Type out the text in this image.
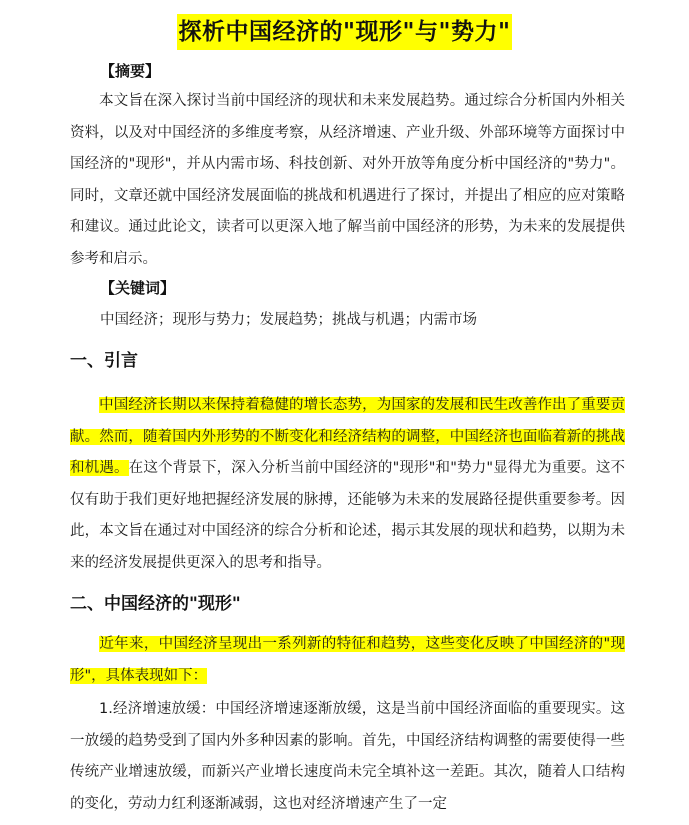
探析中国经济的"现形"与"势力"
【摘要】
本文旨在深入探讨当前中国经济的现状和未来发展趋势。通过综合分析国内外相关资料，以及对中国经济的多维度考察，从经济增速、产业升级、外部环境等方面探讨中国经济的"现形"，并从内需市场、科技创新、对外开放等角度分析中国经济的"势力"。同时，文章还就中国经济发展面临的挑战和机遇进行了探讨，并提出了相应的应对策略和建议。通过此论文，读者可以更深入地了解当前中国经济的形势，为未来的发展提供参考和启示。
【关键词】
中国经济；现形与势力；发展趋势；挑战与机遇；内需市场
一、引言
中国经济长期以来保持着稳健的增长态势，为国家的发展和民生改善作出了重要贡献。然而，随着国内外形势的不断变化和经济结构的调整，中国经济也面临着新的挑战和机遇。在这个背景下，深入分析当前中国经济的"现形"和"势力"显得尤为重要。这不仅有助于我们更好地把握经济发展的脉搏，还能够为未来的发展路径提供重要参考。因此，本文旨在通过对中国经济的综合分析和论述，揭示其发展的现状和趋势，以期为未来的经济发展提供更深入的思考和指导。
二、中国经济的"现形"
近年来，中国经济呈现出一系列新的特征和趋势，这些变化反映了中国经济的"现形"，具体表现如下：
1.经济增速放缓：中国经济增速逐渐放缓，这是当前中国经济面临的重要现实。这一放缓的趋势受到了国内外多种因素的影响。首先，中国经济结构调整的需要使得一些传统产业增速放缓，而新兴产业增长速度尚未完全填补这一差距。其次，随着人口结构的变化，劳动力红利逐渐减弱，这也对经济增速产生了一定
